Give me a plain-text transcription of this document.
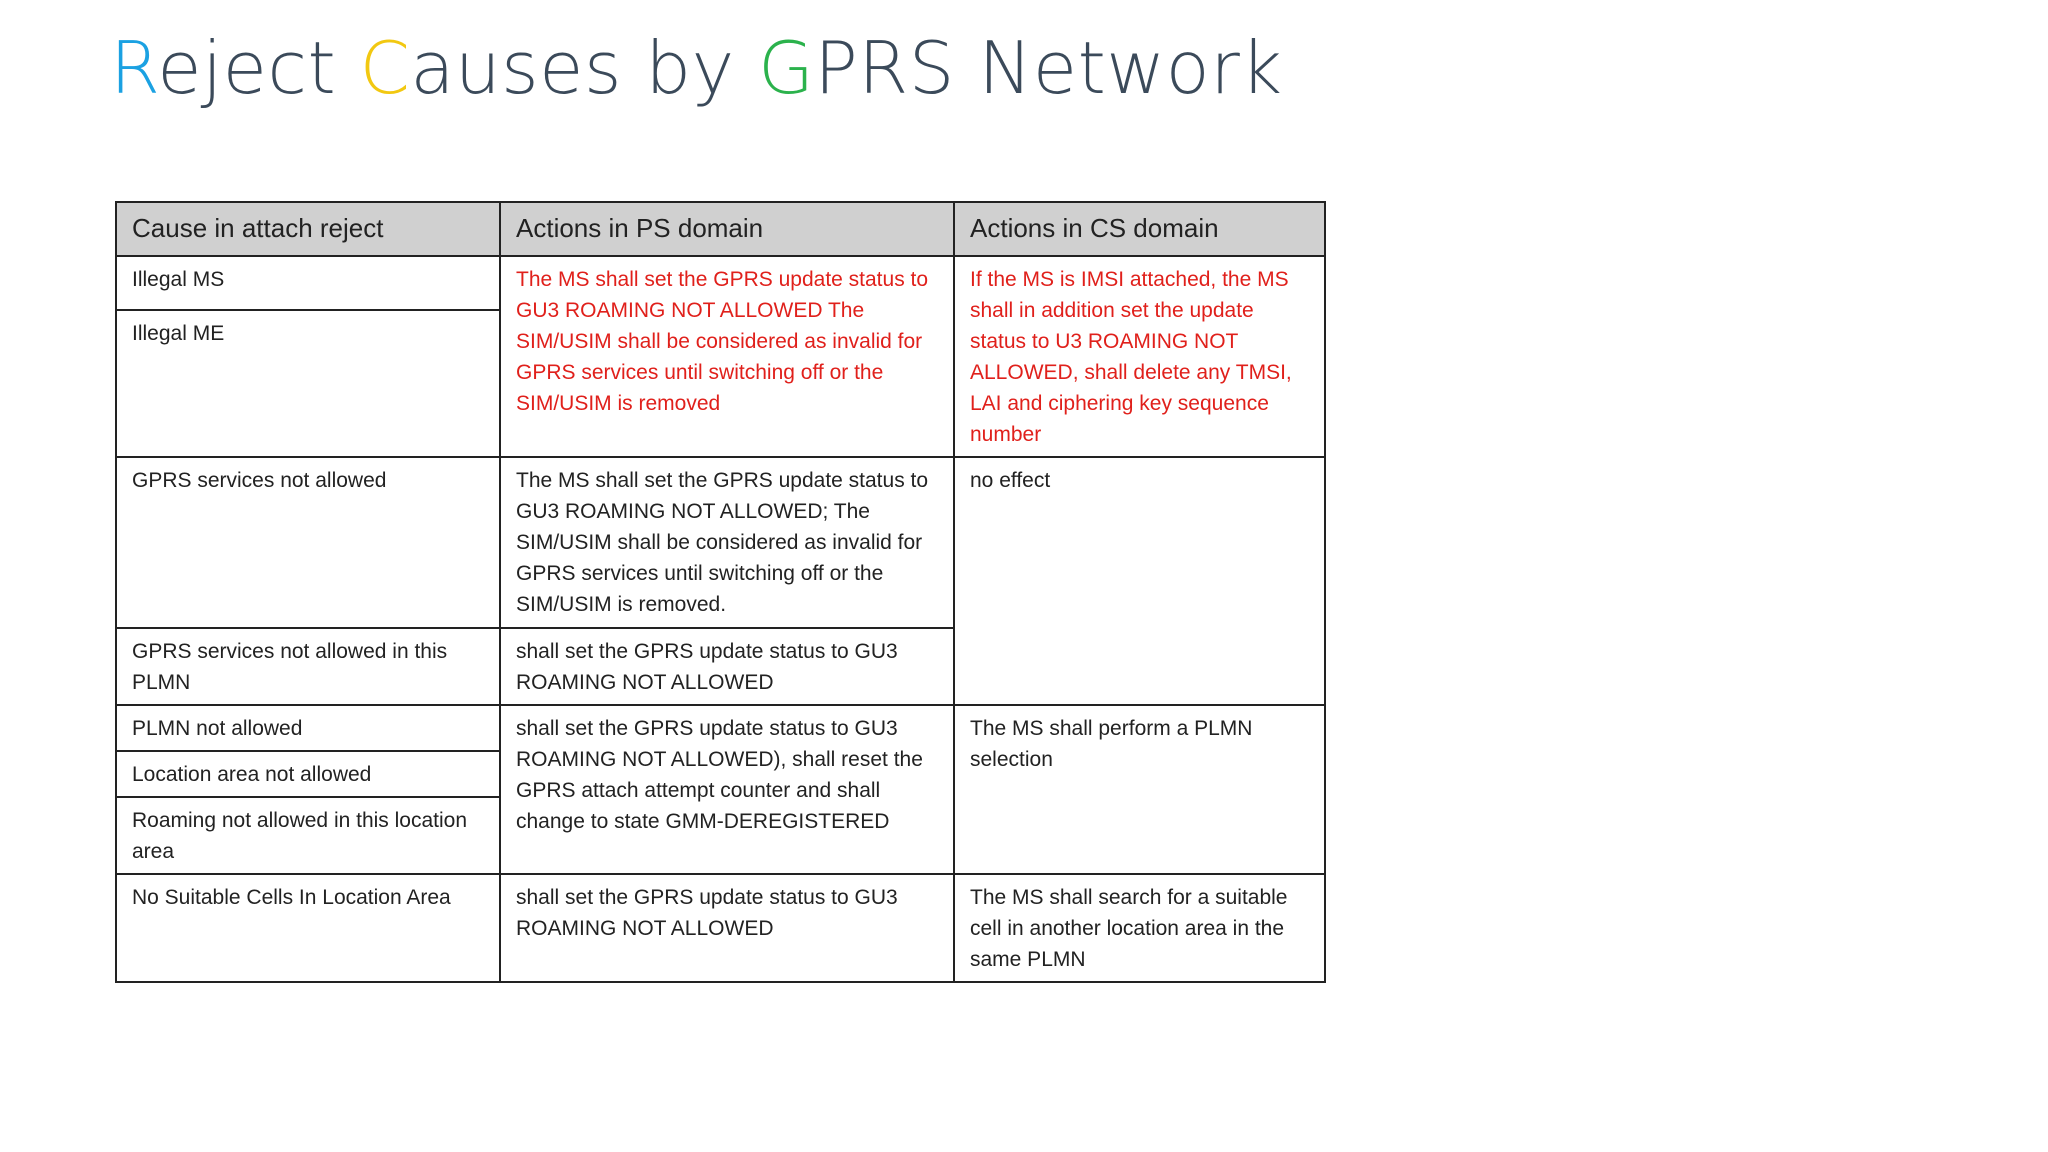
Reject Causes by GPRS Network
Cause in attach reject	Actions in PS domain	Actions in CS domain
Illegal MS	The MS shall set the GPRS update status to GU3 ROAMING NOT ALLOWED The SIM/USIM shall be considered as invalid for GPRS services until switching off or the SIM/USIM is removed	If the MS is IMSI attached, the MS shall in addition set the update status to U3 ROAMING NOT ALLOWED, shall delete any TMSI, LAI and ciphering key sequence number
Illegal ME		
GPRS services not allowed	The MS shall set the GPRS update status to GU3 ROAMING NOT ALLOWED; The SIM/USIM shall be considered as invalid for GPRS services until switching off or the SIM/USIM is removed.	no effect
GPRS services not allowed in this PLMN	shall set the GPRS update status to GU3 ROAMING NOT ALLOWED	
PLMN not allowed	shall set the GPRS update status to GU3 ROAMING NOT ALLOWED), shall reset the GPRS attach attempt counter and shall change to state GMM-DEREGISTERED	The MS shall perform a PLMN selection
Location area not allowed		
Roaming not allowed in this location area		
No Suitable Cells In Location Area	shall set the GPRS update status to GU3 ROAMING NOT ALLOWED	The MS shall search for a suitable cell in another location area in the same PLMN
